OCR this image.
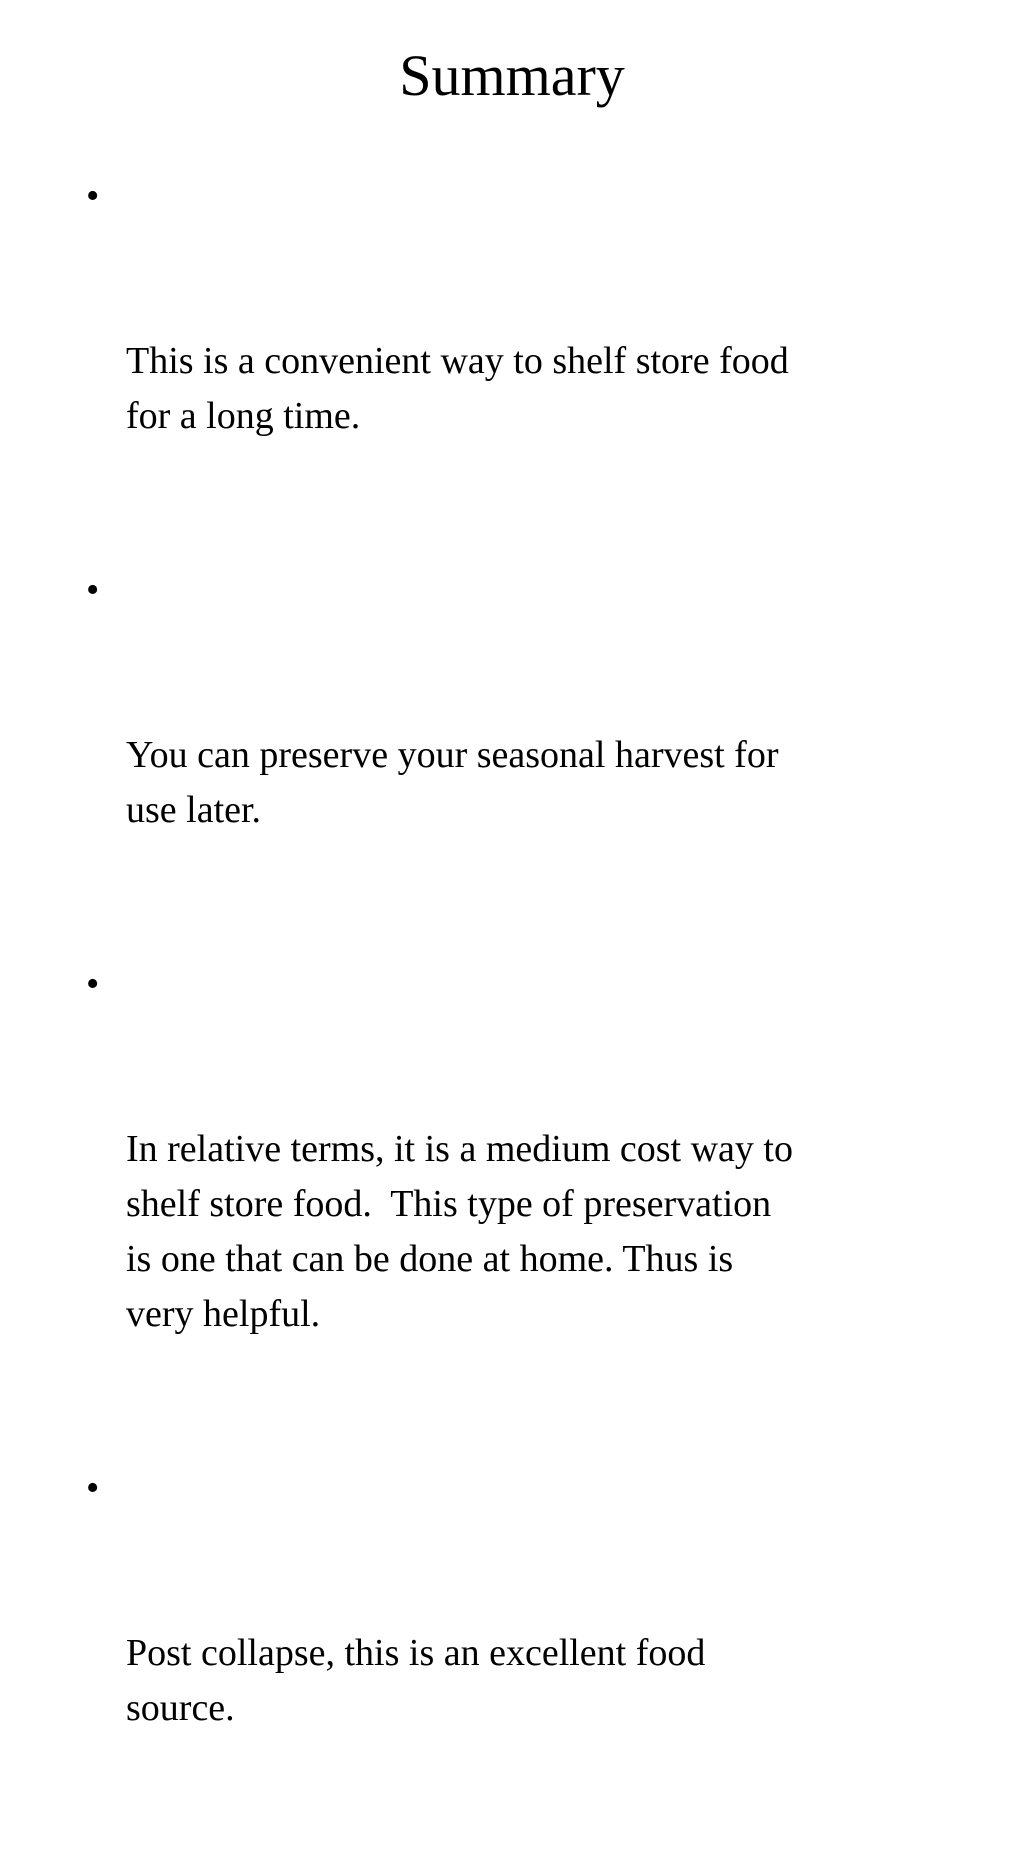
Summary

•

This is a convenient way to shelf store food
for a long time.

•

You can preserve your seasonal harvest for
use later.

•

In relative terms, it is a medium cost way to
shelf store food.  This type of preservation
is one that can be done at home. Thus is
very helpful.

•

Post collapse, this is an excellent food
source.
